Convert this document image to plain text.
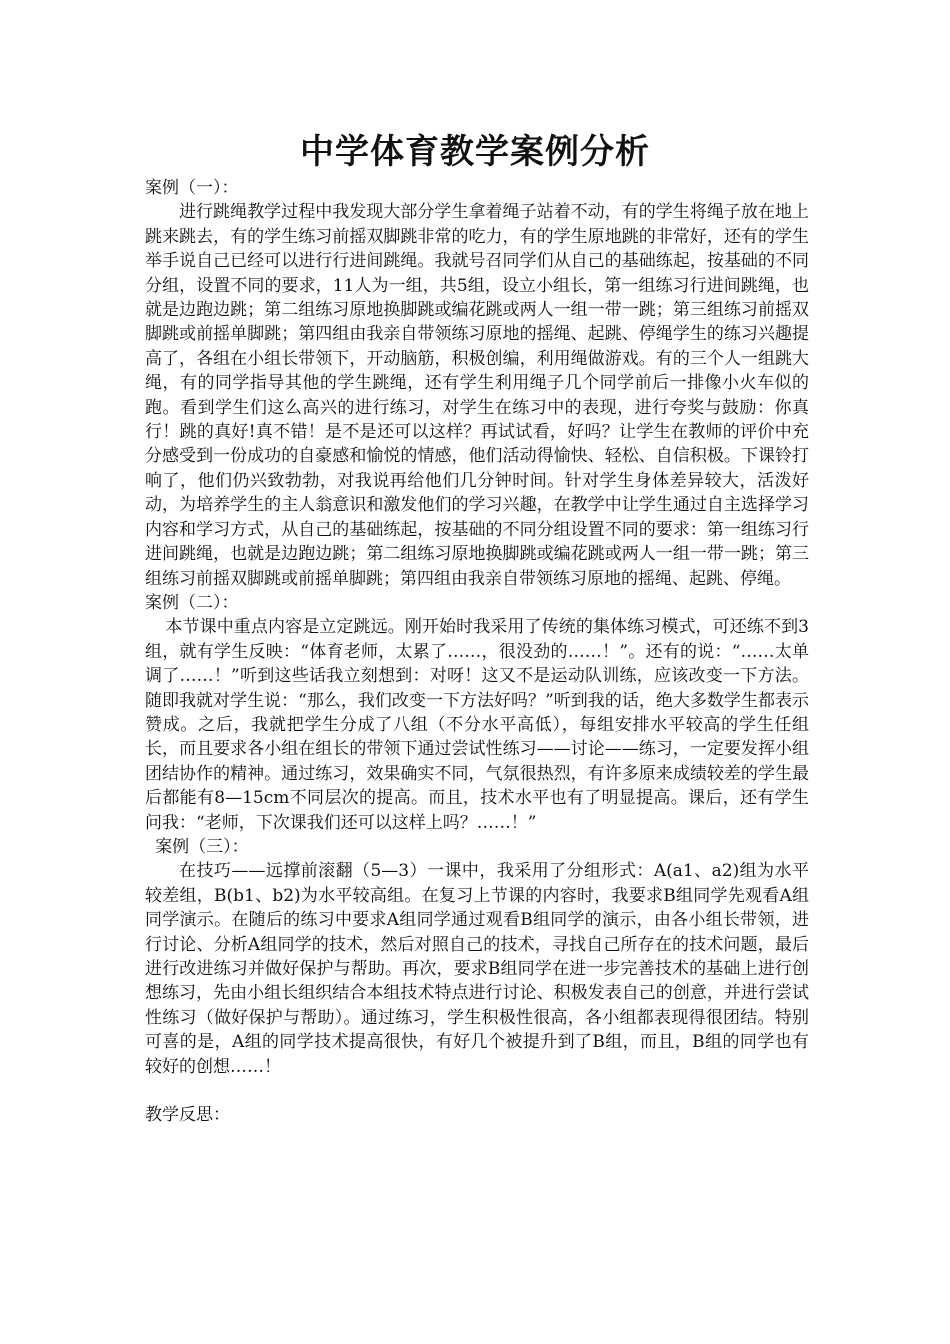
中学体育教学案例分析

案例（一）：

进行跳绳教学过程中我发现大部分学生拿着绳子站着不动，有的学生将绳子放在地上跳来跳去，有的学生练习前摇双脚跳非常的吃力，有的学生原地跳的非常好，还有的学生举手说自己已经可以进行行进间跳绳。我就号召同学们从自己的基础练起，按基础的不同分组，设置不同的要求，11人为一组，共5组，设立小组长，第一组练习行进间跳绳，也就是边跑边跳；第二组练习原地换脚跳或编花跳或两人一组一带一跳；第三组练习前摇双脚跳或前摇单脚跳；第四组由我亲自带领练习原地的摇绳、起跳、停绳学生的练习兴趣提高了，各组在小组长带领下，开动脑筋，积极创编，利用绳做游戏。有的三个人一组跳大绳，有的同学指导其他的学生跳绳，还有学生利用绳子几个同学前后一排像小火车似的跑。看到学生们这么高兴的进行练习，对学生在练习中的表现，进行夸奖与鼓励：你真行！跳的真好!真不错！是不是还可以这样？再试试看，好吗？让学生在教师的评价中充分感受到一份成功的自豪感和愉悦的情感，他们活动得愉快、轻松、自信积极。下课铃打响了，他们仍兴致勃勃，对我说再给他们几分钟时间。针对学生身体差异较大，活泼好动，为培养学生的主人翁意识和激发他们的学习兴趣，在教学中让学生通过自主选择学习内容和学习方式，从自己的基础练起，按基础的不同分组设置不同的要求：第一组练习行进间跳绳，也就是边跑边跳；第二组练习原地换脚跳或编花跳或两人一组一带一跳；第三组练习前摇双脚跳或前摇单脚跳；第四组由我亲自带领练习原地的摇绳、起跳、停绳。

案例（二）：

本节课中重点内容是立定跳远。刚开始时我采用了传统的集体练习模式，可还练不到3组，就有学生反映：“体育老师，太累了……，很没劲的……！”。还有的说：“……太单调了……！”听到这些话我立刻想到：对呀！这又不是运动队训练，应该改变一下方法。随即我就对学生说：“那么，我们改变一下方法好吗？”听到我的话，绝大多数学生都表示赞成。之后，我就把学生分成了八组（不分水平高低），每组安排水平较高的学生任组长，而且要求各小组在组长的带领下通过尝试性练习——讨论——练习，一定要发挥小组团结协作的精神。通过练习，效果确实不同，气氛很热烈，有许多原来成绩较差的学生最后都能有8—15cm不同层次的提高。而且，技术水平也有了明显提高。课后，还有学生问我：“老师，下次课我们还可以这样上吗？……！”

案例（三）：

在技巧——远撑前滚翻（5—3）一课中，我采用了分组形式：A(a1、a2)组为水平较差组，B(b1、b2)为水平较高组。在复习上节课的内容时，我要求B组同学先观看A组同学演示。在随后的练习中要求A组同学通过观看B组同学的演示，由各小组长带领，进行讨论、分析A组同学的技术，然后对照自己的技术，寻找自己所存在的技术问题，最后进行改进练习并做好保护与帮助。再次，要求B组同学在进一步完善技术的基础上进行创想练习，先由小组长组织结合本组技术特点进行讨论、积极发表自己的创意，并进行尝试性练习（做好保护与帮助）。通过练习，学生积极性很高，各小组都表现得很团结。特别可喜的是，A组的同学技术提高很快，有好几个被提升到了B组，而且，B组的同学也有较好的创想……！

教学反思：
